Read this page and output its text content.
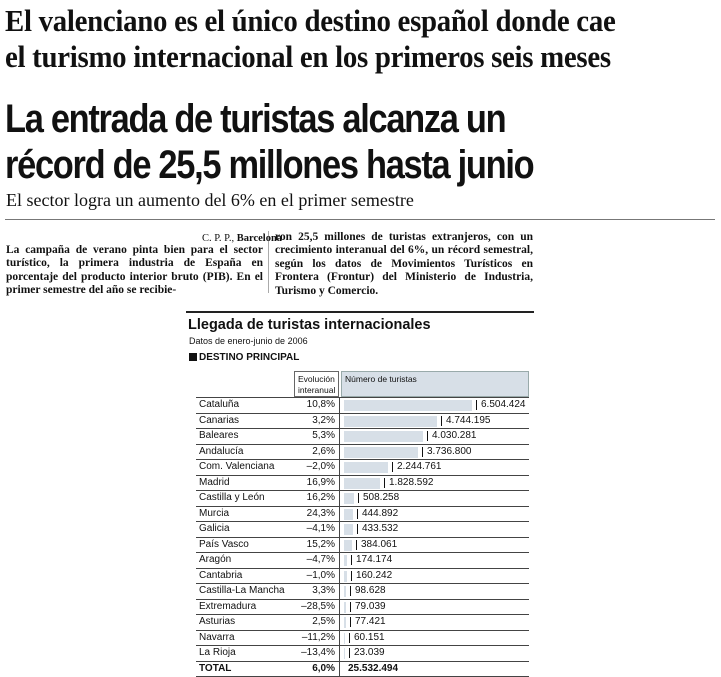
El valenciano es el único destino español donde cae
el turismo internacional en los primeros seis meses
La entrada de turistas alcanza un
récord de 25,5 millones hasta junio
El sector logra un aumento del 6% en el primer semestre
ron 25,5 millones de turistas extranjeros, con un crecimiento interanual del 6%, un récord semestral, según los datos de Movimientos Turísticos en Frontera (Frontur) del Ministerio de Industria, Turismo y Comercio.
C. P. P., Barcelona
La campaña de verano pinta bien para el sector turístico, la primera industria de España en porcentaje del producto interior bruto (PIB). En el primer semestre del año se recibie-
Llegada de turistas internacionales
Datos de enero-junio de 2006
DESTINO PRINCIPAL
Evolución
interanual
Número de turistas
Cataluña	10,8%	6.504.424
Canarias	3,2%	4.744.195
Baleares	5,3%	4.030.281
Andalucía	2,6%	3.736.800
Com. Valenciana	–2,0%	2.244.761
Madrid	16,9%	1.828.592
Castilla y León	16,2%	508.258
Murcia	24,3%	444.892
Galicia	–4,1%	433.532
País Vasco	15,2%	384.061
Aragón	–4,7% 174.174
Cantabria	–1,0% 160.242
Castilla-La Mancha	3,3% 98.628
Extremadura	–28,5% 79.039
Asturias	2,5% 77.421
Navarra	–11,2% 60.151
La Rioja	–13,4% 23.039
TOTAL	6,0% 25.532.494
